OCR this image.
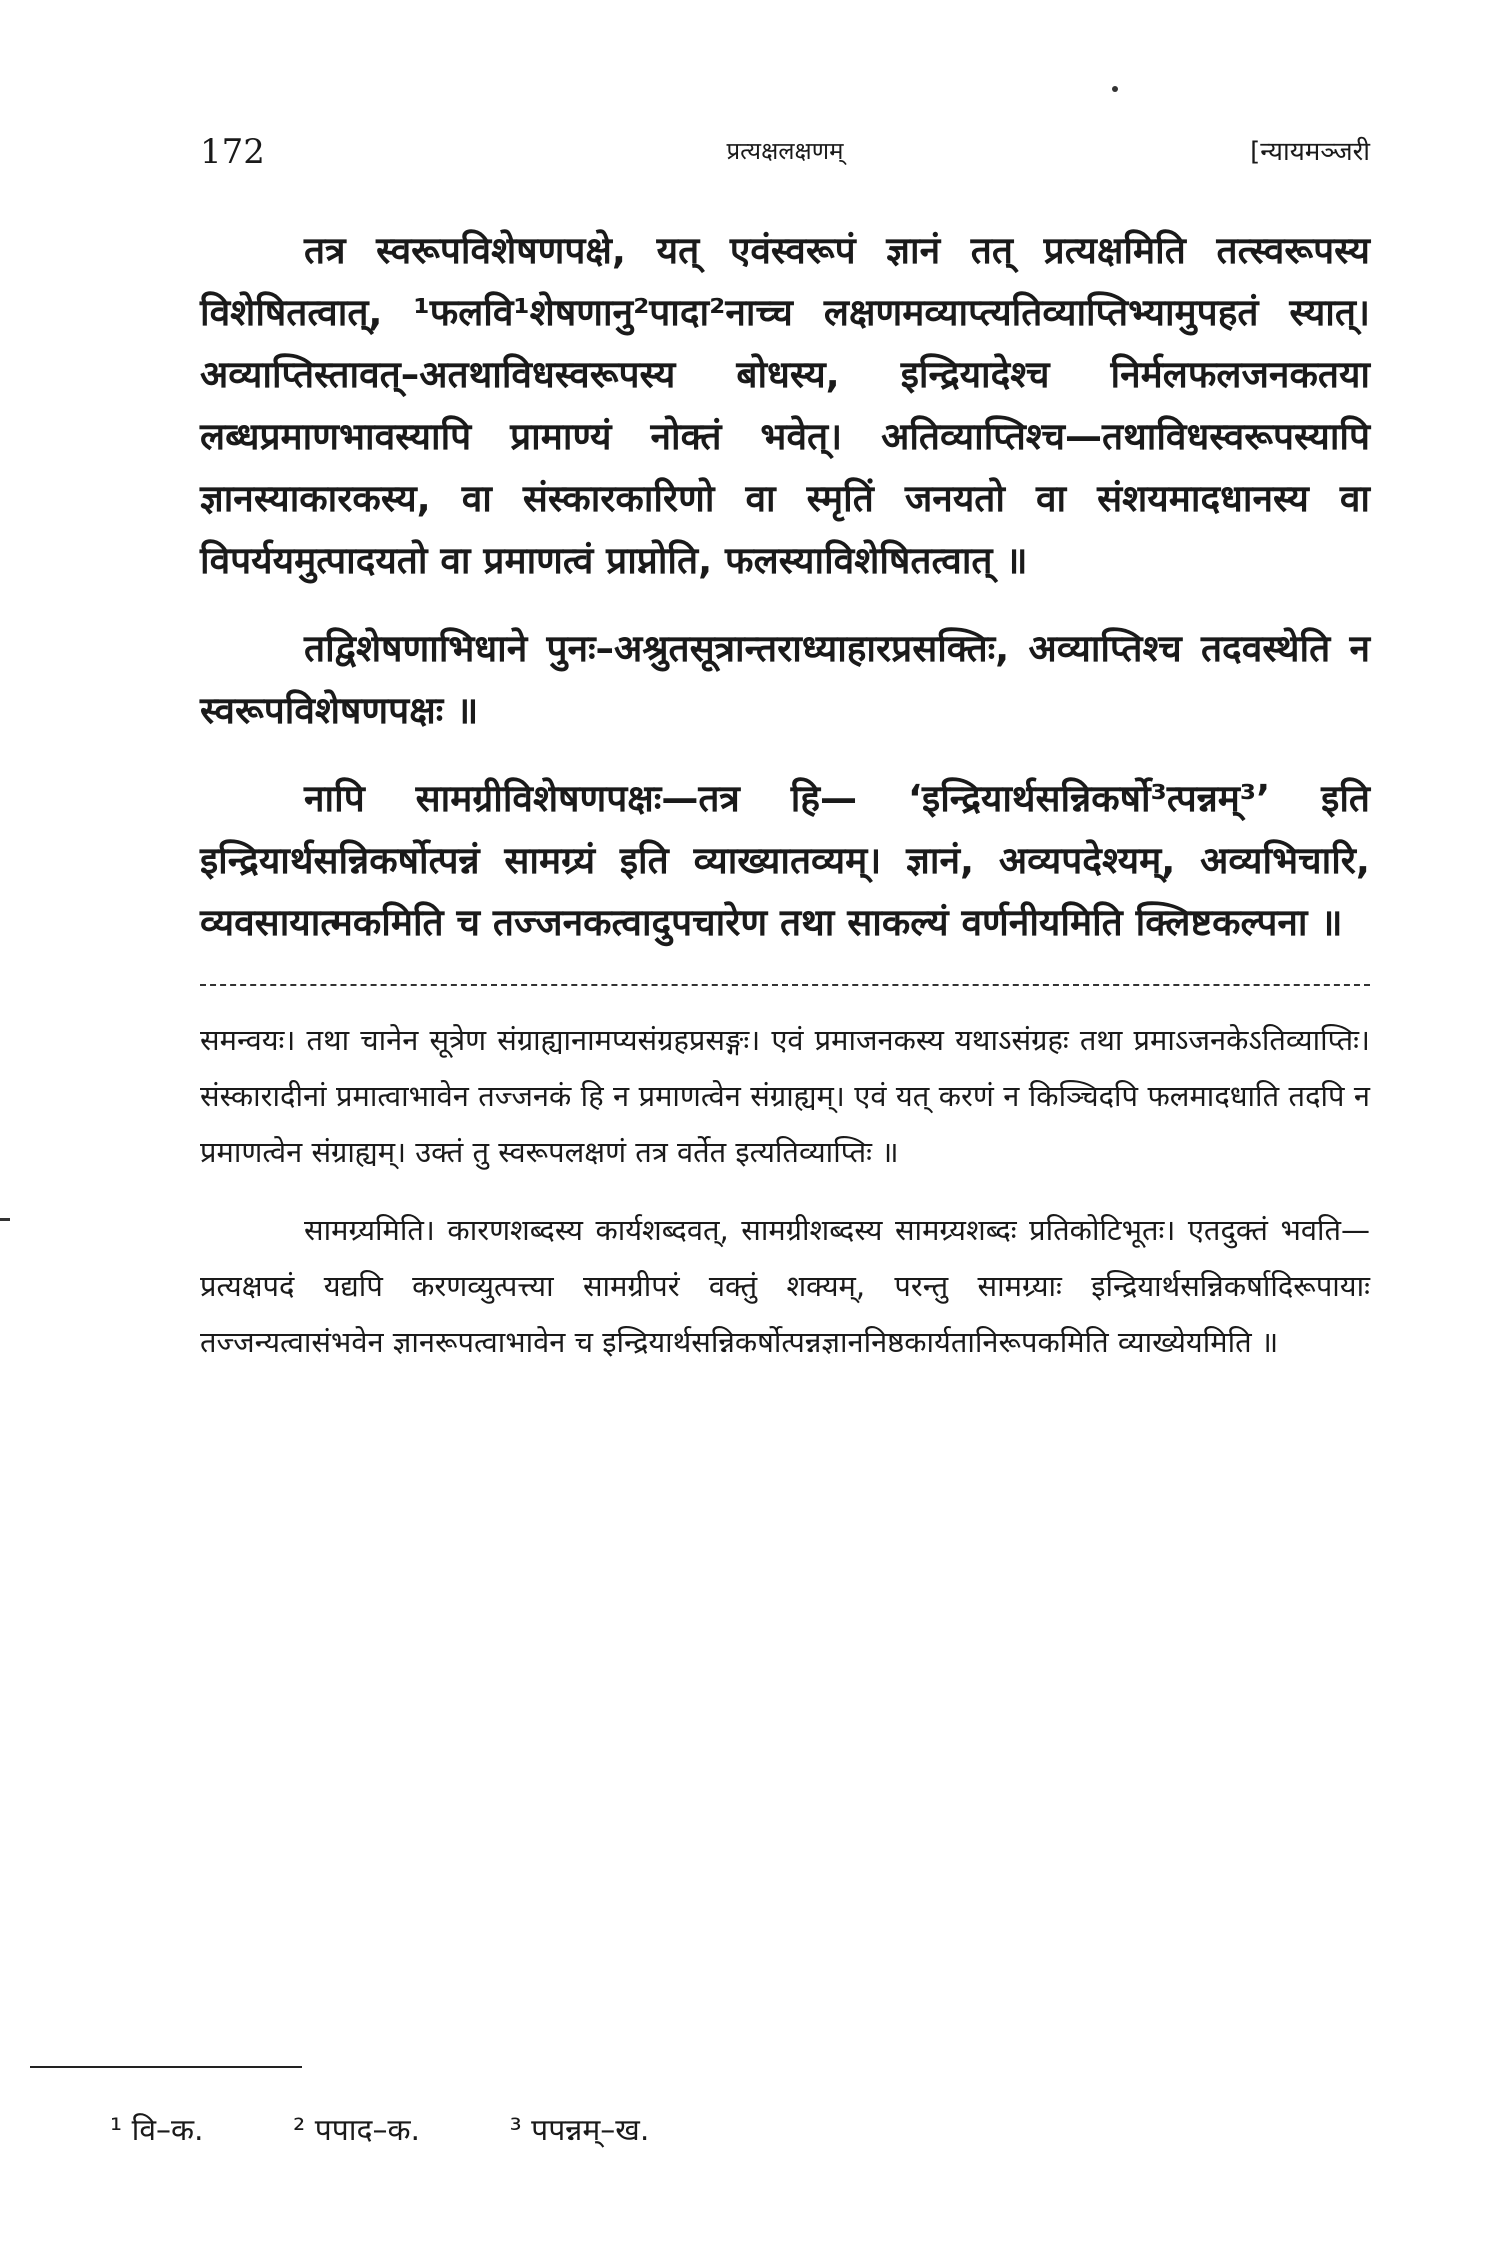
172	प्रत्यक्षलक्षणम्	[न्यायमञ्जरी

तत्र स्वरूपविशेषणपक्षे, यत् एवंस्वरूपं ज्ञानं तत् प्रत्यक्षमिति तत्स्वरूपस्य विशेषितत्वात्, ¹फलवि¹शेषणानु²पादा²नाच्च लक्षणमव्याप्त्यतिव्याप्तिभ्यामुपहतं स्यात्। अव्याप्तिस्तावत्–अतथाविधस्वरूपस्य बोधस्य, इन्द्रियादेश्च निर्मलफलजनकतया लब्धप्रमाणभावस्यापि प्रामाण्यं नोक्तं भवेत्। अतिव्याप्तिश्च—तथाविधस्वरूपस्यापि ज्ञानस्याकारकस्य, वा संस्कारकारिणो वा स्मृतिं जनयतो वा संशयमादधानस्य वा विपर्ययमुत्पादयतो वा प्रमाणत्वं प्राप्नोति, फलस्याविशेषितत्वात् ॥

तद्विशेषणाभिधाने पुनः–अश्रुतसूत्रान्तराध्याहारप्रसक्तिः, अव्याप्तिश्च तदवस्थेति न स्वरूपविशेषणपक्षः ॥

नापि सामग्रीविशेषणपक्षः—तत्र हि— ‘इन्द्रियार्थसन्निकर्षो³त्पन्नम्³’ इति इन्द्रियार्थसन्निकर्षोत्पन्नं सामग्र्यं इति व्याख्यातव्यम्। ज्ञानं, अव्यपदेश्यम्, अव्यभिचारि, व्यवसायात्मकमिति च तज्जनकत्वादुपचारेण तथा साकल्यं वर्णनीयमिति क्लिष्टकल्पना ॥

समन्वयः। तथा चानेन सूत्रेण संग्राह्यानामप्यसंग्रहप्रसङ्गः। एवं प्रमाजनकस्य यथाऽसंग्रहः तथा प्रमाऽजनकेऽतिव्याप्तिः। संस्कारादीनां प्रमात्वाभावेन तज्जनकं हि न प्रमाणत्वेन संग्राह्यम्। एवं यत् करणं न किञ्चिदपि फलमादधाति तदपि न प्रमाणत्वेन संग्राह्यम्। उक्तं तु स्वरूपलक्षणं तत्र वर्तेत इत्यतिव्याप्तिः ॥

सामग्र्यमिति। कारणशब्दस्य कार्यशब्दवत्, सामग्रीशब्दस्य सामग्र्यशब्दः प्रतिकोटिभूतः। एतदुक्तं भवति—प्रत्यक्षपदं यद्यपि करणव्युत्पत्त्या सामग्रीपरं वक्तुं शक्यम्, परन्तु सामग्र्याः इन्द्रियार्थसन्निकर्षादिरूपायाः तज्जन्यत्वासंभवेन ज्ञानरूपत्वाभावेन च इन्द्रियार्थसन्निकर्षोत्पन्नज्ञाननिष्ठकार्यतानिरूपकमिति व्याख्येयमिति ॥

¹ वि–क.	² पपाद–क.	³ पपन्नम्–ख.
